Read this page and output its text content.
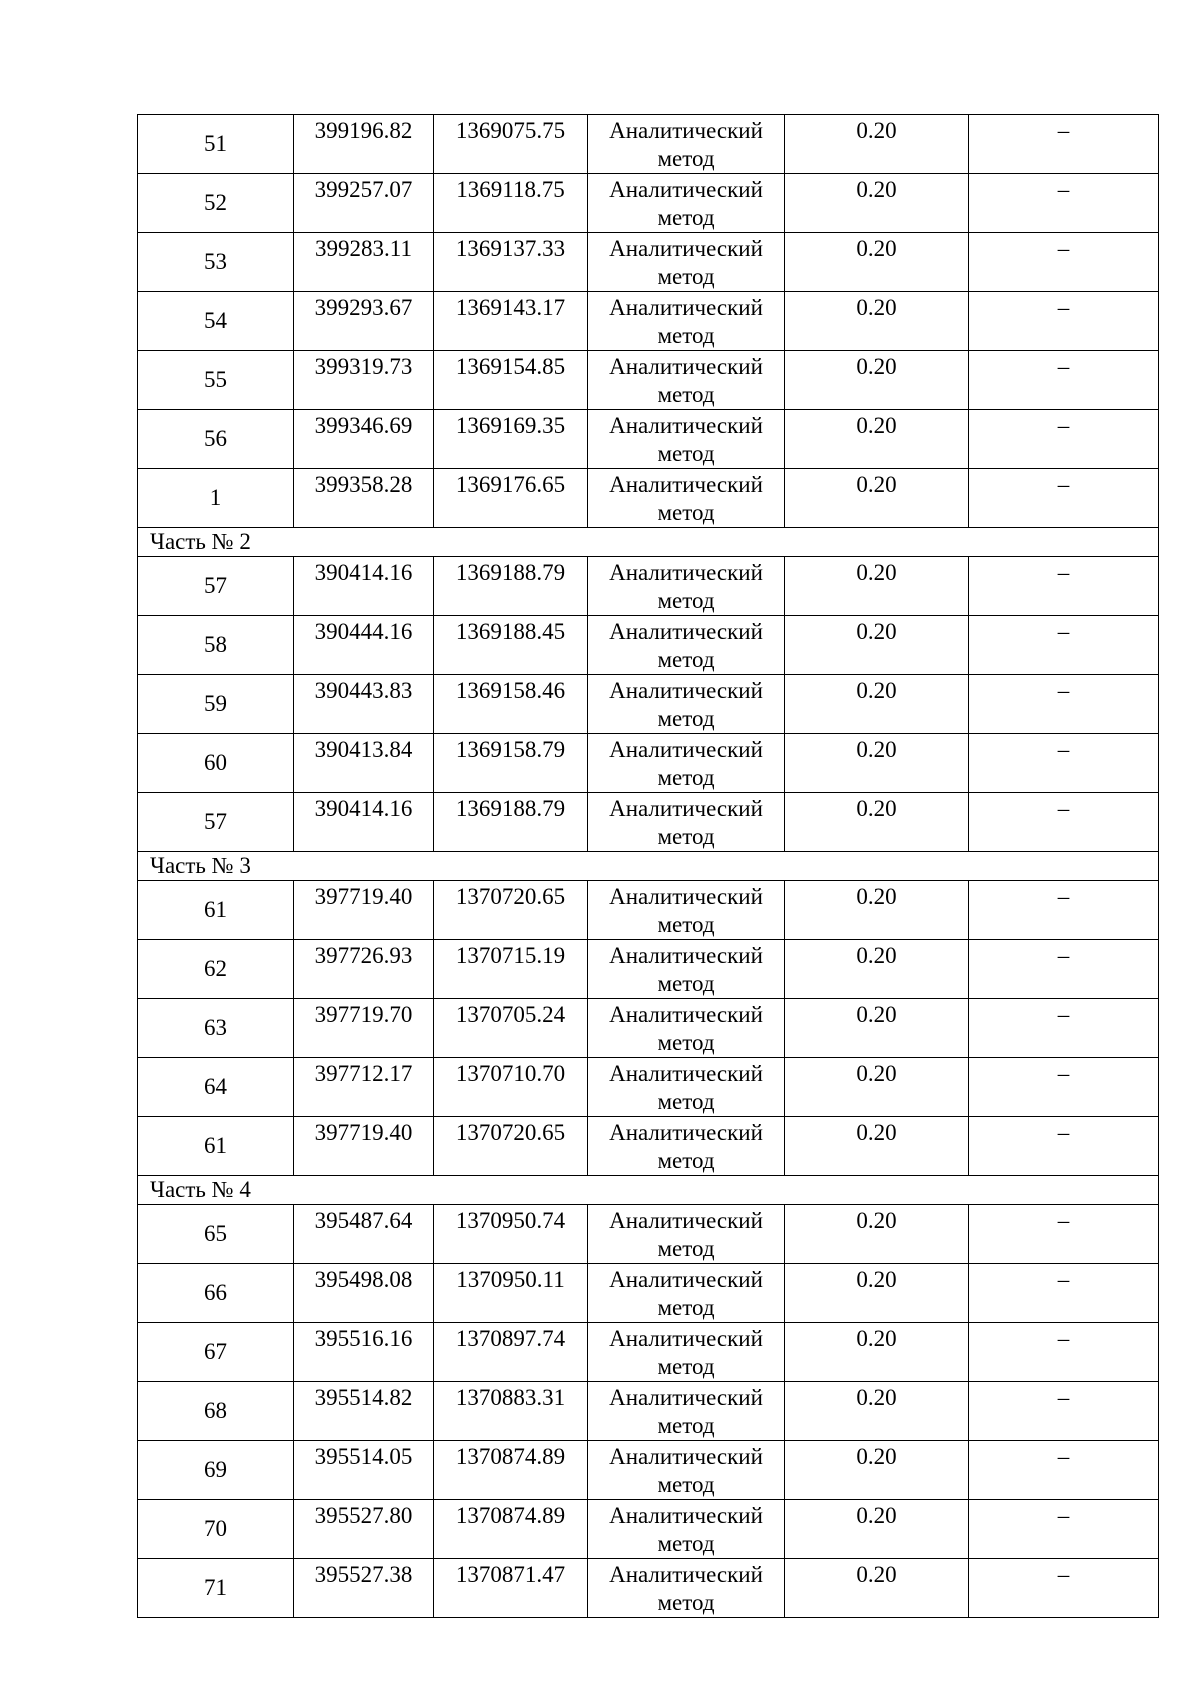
51	399196.82	1369075.75	Аналитический метод	0.20	–
52	399257.07	1369118.75	Аналитический метод	0.20	–
53	399283.11	1369137.33	Аналитический метод	0.20	–
54	399293.67	1369143.17	Аналитический метод	0.20	–
55	399319.73	1369154.85	Аналитический метод	0.20	–
56	399346.69	1369169.35	Аналитический метод	0.20	–
1	399358.28	1369176.65	Аналитический метод	0.20	–
Часть № 2					
57	390414.16	1369188.79	Аналитический метод	0.20	–
58	390444.16	1369188.45	Аналитический метод	0.20	–
59	390443.83	1369158.46	Аналитический метод	0.20	–
60	390413.84	1369158.79	Аналитический метод	0.20	–
57	390414.16	1369188.79	Аналитический метод	0.20	–
Часть № 3					
61	397719.40	1370720.65	Аналитический метод	0.20	–
62	397726.93	1370715.19	Аналитический метод	0.20	–
63	397719.70	1370705.24	Аналитический метод	0.20	–
64	397712.17	1370710.70	Аналитический метод	0.20	–
61	397719.40	1370720.65	Аналитический метод	0.20	–
Часть № 4					
65	395487.64	1370950.74	Аналитический метод	0.20	–
66	395498.08	1370950.11	Аналитический метод	0.20	–
67	395516.16	1370897.74	Аналитический метод	0.20	–
68	395514.82	1370883.31	Аналитический метод	0.20	–
69	395514.05	1370874.89	Аналитический метод	0.20	–
70	395527.80	1370874.89	Аналитический метод	0.20	–
71	395527.38	1370871.47	Аналитический метод	0.20	–
